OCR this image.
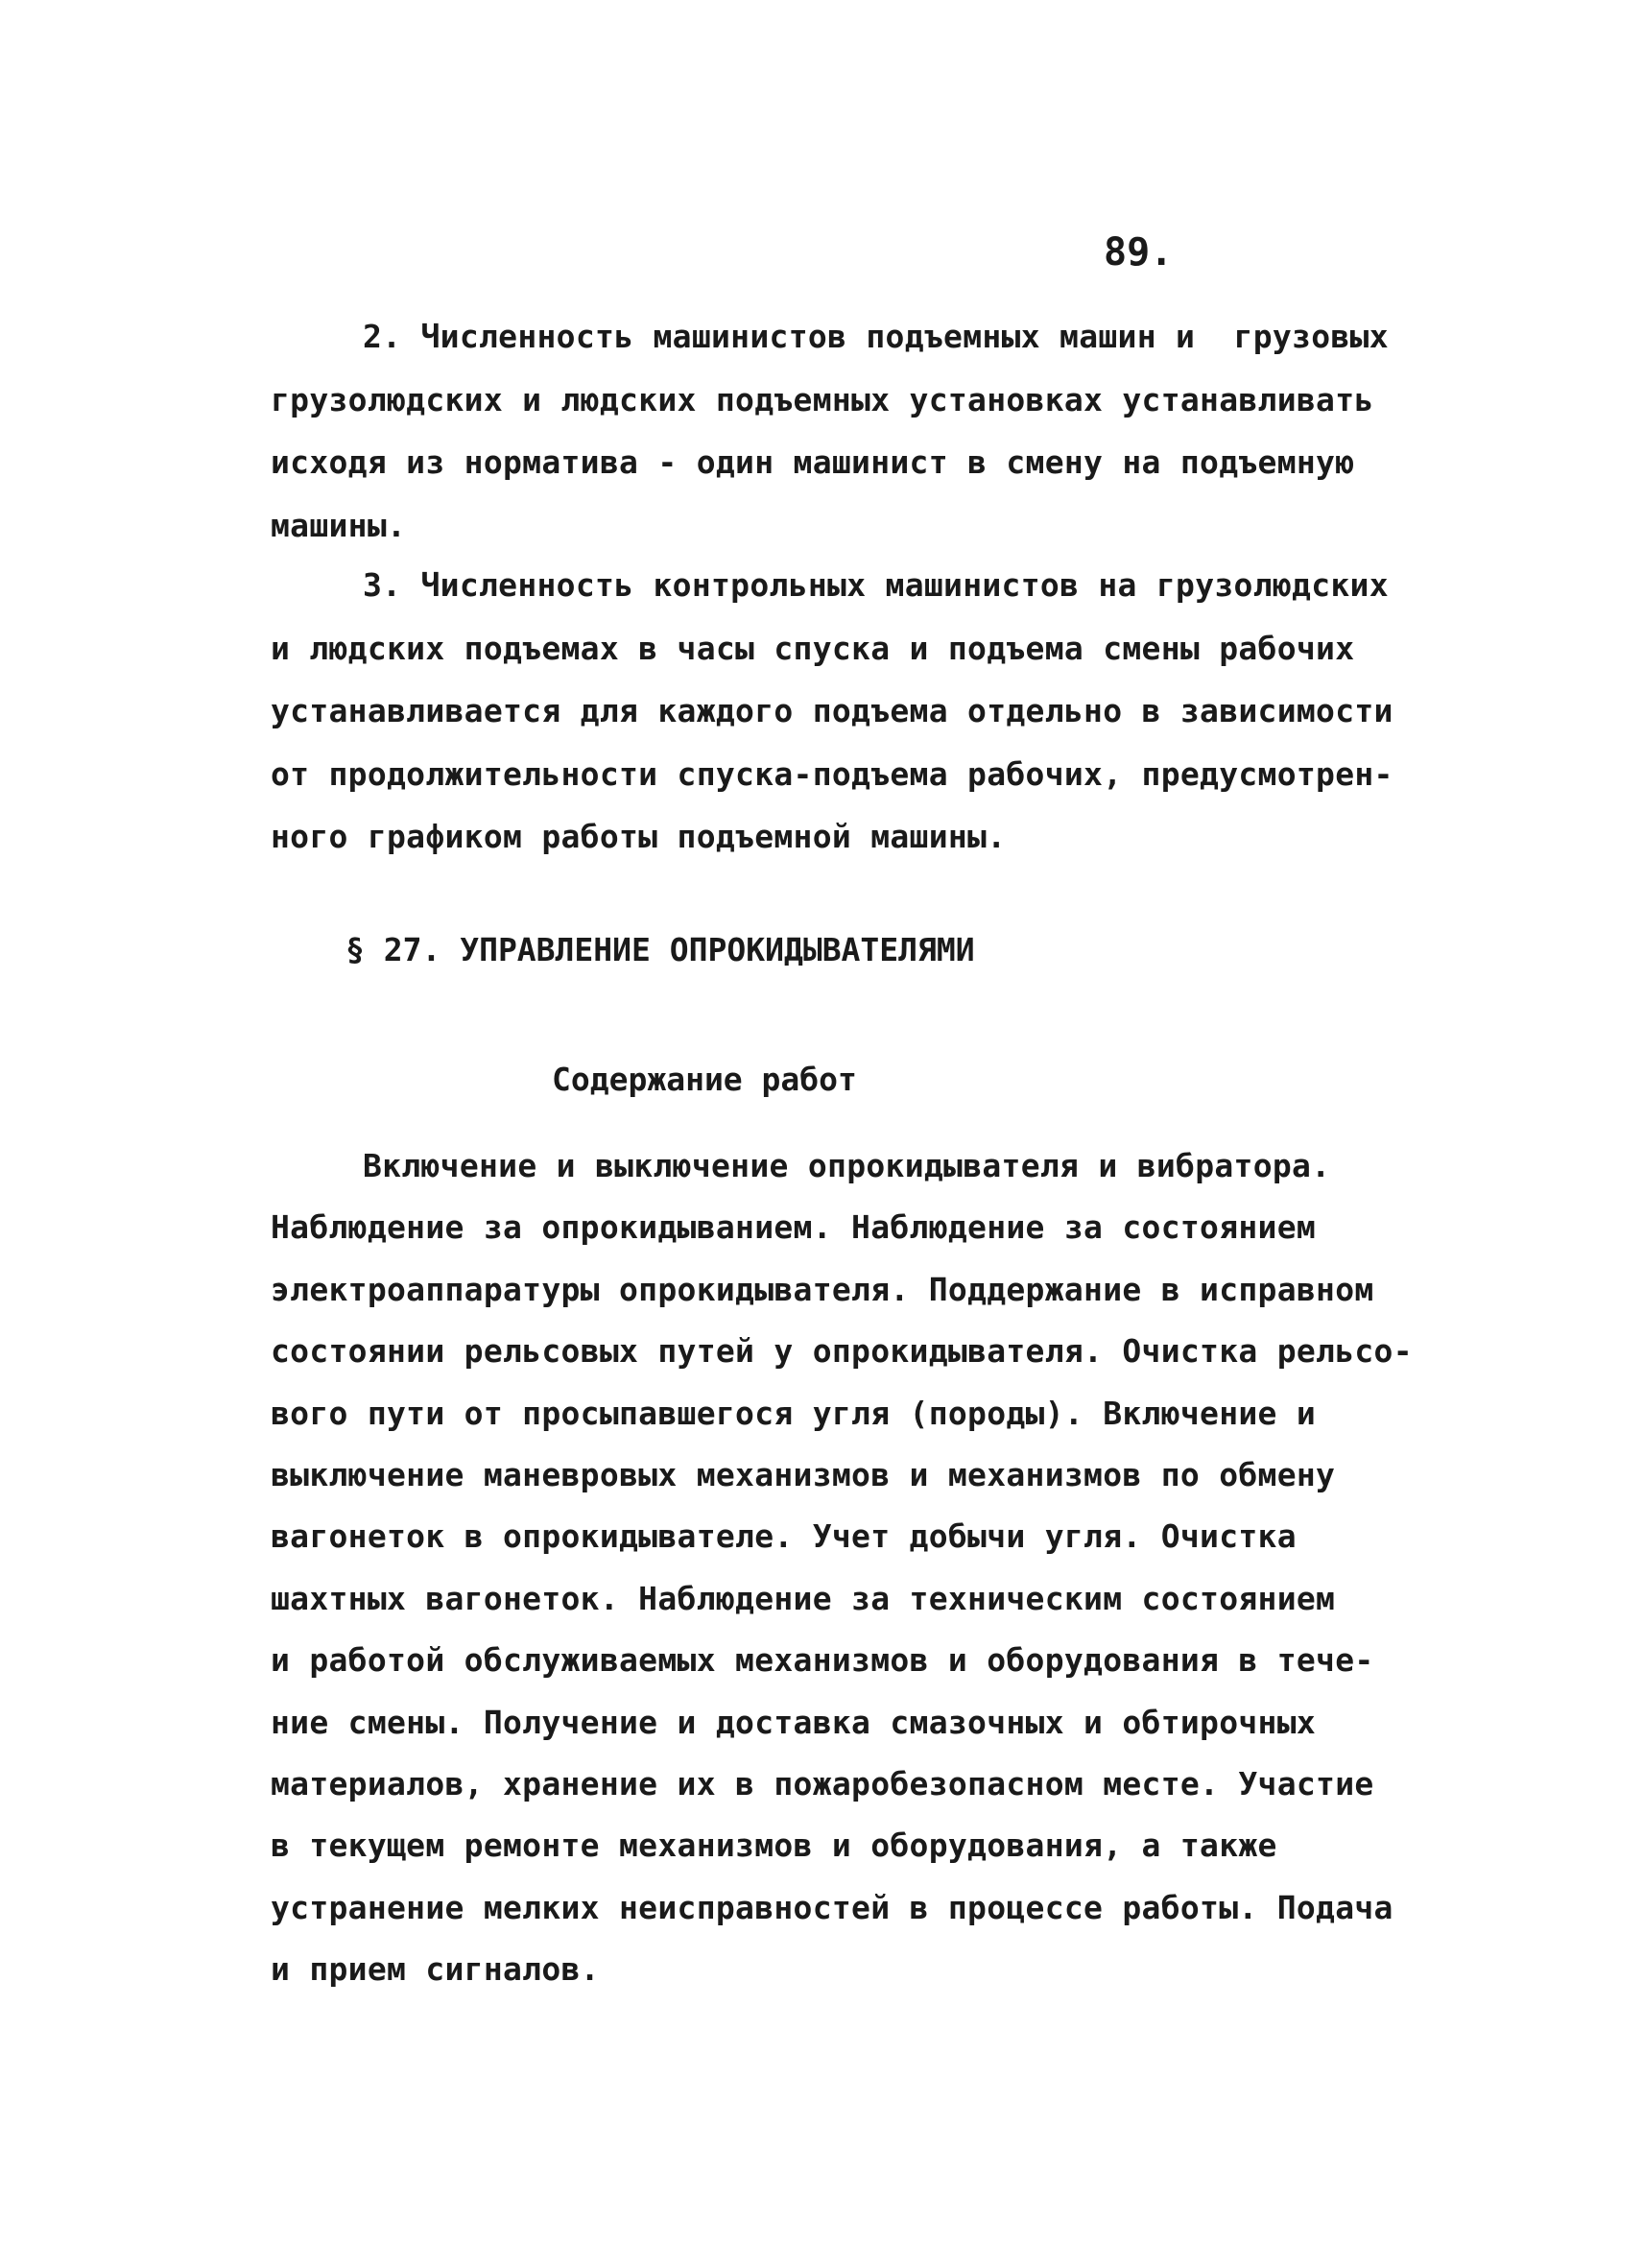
89.

2. Численность машинистов подъемных машин и  грузовых
грузолюдских и людских подъемных установках устанавливать
исходя из норматива - один машинист в смену на подъемную
машины.

3. Численность контрольных машинистов на грузолюдских
и людских подъемах в часы спуска и подъема смены рабочих
устанавливается для каждого подъема отдельно в зависимости
от продолжительности спуска-подъема рабочих, предусмотрен-
ного графиком работы подъемной машины.

§ 27. УПРАВЛЕНИЕ ОПРОКИДЫВАТЕЛЯМИ
Содержание работ

Включение и выключение опрокидывателя и вибратора.
Наблюдение за опрокидыванием. Наблюдение за состоянием
электроаппаратуры опрокидывателя. Поддержание в исправном
состоянии рельсовых путей у опрокидывателя. Очистка рельсо-
вого пути от просыпавшегося угля (породы). Включение и
выключение маневровых механизмов и механизмов по обмену
вагонеток в опрокидывателе. Учет добычи угля. Очистка
шахтных вагонеток. Наблюдение за техническим состоянием
и работой обслуживаемых механизмов и оборудования в тече-
ние смены. Получение и доставка смазочных и обтирочных
материалов, хранение их в пожаробезопасном месте. Участие
в текущем ремонте механизмов и оборудования, а также
устранение мелких неисправностей в процессе работы. Подача
и прием сигналов.
